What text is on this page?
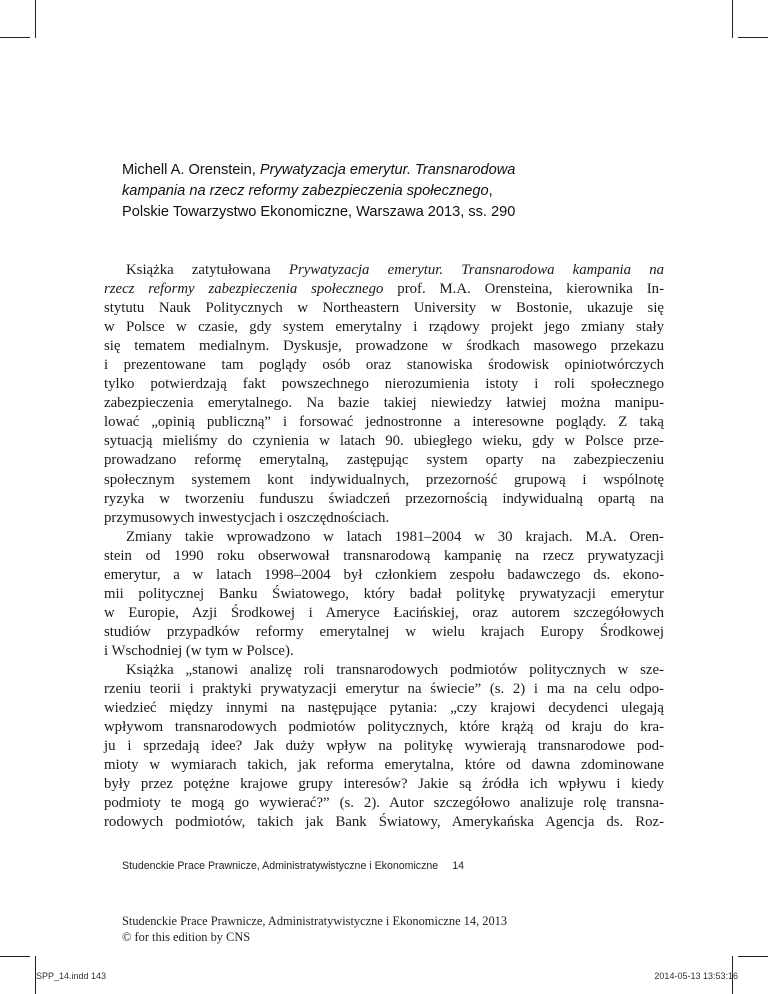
Michell A. Orenstein, Prywatyzacja emerytur. Transnarodowa
kampania na rzecz reformy zabezpieczenia społecznego,
Polskie Towarzystwo Ekonomiczne, Warszawa 2013, ss. 290
Książka zatytułowana Prywatyzacja emerytur. Transnarodowa kampania na
rzecz reformy zabezpieczenia społecznego prof. M.A. Orensteina, kierownika In-
stytutu Nauk Politycznych w Northeastern University w Bostonie, ukazuje się
w Polsce w czasie, gdy system emerytalny i rządowy projekt jego zmiany stały
się tematem medialnym. Dyskusje, prowadzone w środkach masowego przekazu
i prezentowane tam poglądy osób oraz stanowiska środowisk opiniotwórczych
tylko potwierdzają fakt powszechnego nierozumienia istoty i roli społecznego
zabezpieczenia emerytalnego. Na bazie takiej niewiedzy łatwiej można manipu-
lować „opinią publiczną” i forsować jednostronne a interesowne poglądy. Z taką
sytuacją mieliśmy do czynienia w latach 90. ubiegłego wieku, gdy w Polsce prze-
prowadzano reformę emerytalną, zastępując system oparty na zabezpieczeniu
społecznym systemem kont indywidualnych, przezorność grupową i wspólnotę
ryzyka w tworzeniu funduszu świadczeń przezornością indywidualną opartą na
przymusowych inwestycjach i oszczędnościach.
Zmiany takie wprowadzono w latach 1981–2004 w 30 krajach. M.A. Oren-
stein od 1990 roku obserwował transnarodową kampanię na rzecz prywatyzacji
emerytur, a w latach 1998–2004 był członkiem zespołu badawczego ds. ekono-
mii politycznej Banku Światowego, który badał politykę prywatyzacji emerytur
w Europie, Azji Środkowej i Ameryce Łacińskiej, oraz autorem szczegółowych
studiów przypadków reformy emerytalnej w wielu krajach Europy Środkowej
i Wschodniej (w tym w Polsce).
Książka „stanowi analizę roli transnarodowych podmiotów politycznych w sze-
rzeniu teorii i praktyki prywatyzacji emerytur na świecie” (s. 2) i ma na celu odpo-
wiedzieć między innymi na następujące pytania: „czy krajowi decydenci ulegają
wpływom transnarodowych podmiotów politycznych, które krążą od kraju do kra-
ju i sprzedają idee? Jak duży wpływ na politykę wywierają transnarodowe pod-
mioty w wymiarach takich, jak reforma emerytalna, które od dawna zdominowane
były przez potężne krajowe grupy interesów? Jakie są źródła ich wpływu i kiedy
podmioty te mogą go wywierać?” (s. 2). Autor szczegółowo analizuje rolę transna-
rodowych podmiotów, takich jak Bank Światowy, Amerykańska Agencja ds. Roz-
Studenckie Prace Prawnicze, Administratywistyczne i Ekonomiczne 14
Studenckie Prace Prawnicze, Administratywistyczne i Ekonomiczne 14, 2013
© for this edition by CNS
SPP_14.indd 143	2014-05-13 13:53:16
